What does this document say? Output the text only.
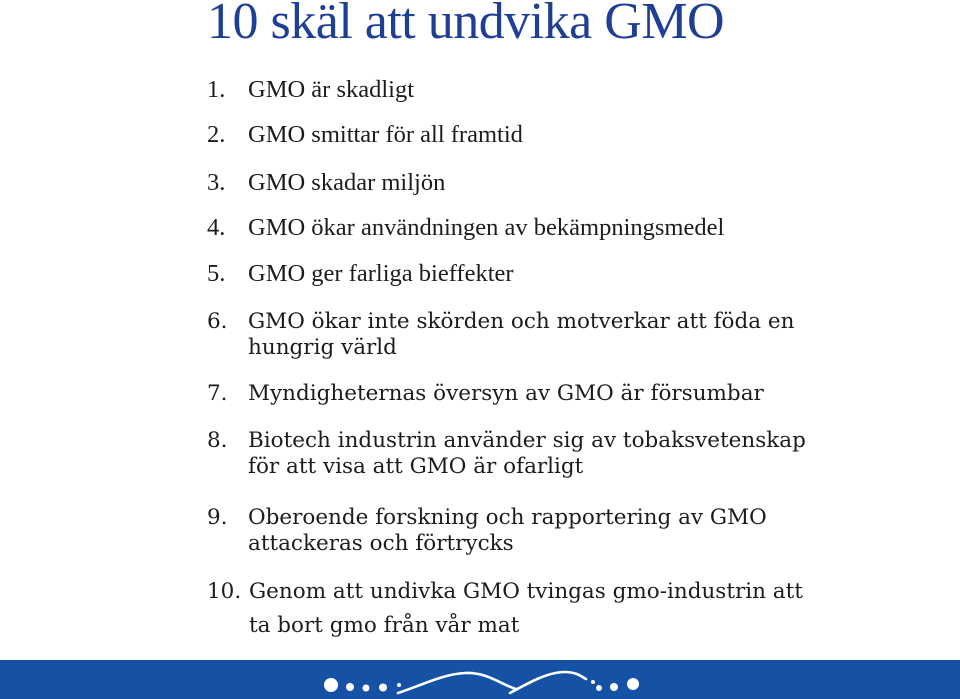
10 skäl att undvika GMO
1. GMO är skadligt
2. GMO smittar för all framtid
3. GMO skadar miljön
4. GMO ökar användningen av bekämpningsmedel
5. GMO ger farliga bieffekter
6. GMO ökar inte skörden och motverkar att föda en
hungrig värld
7. Myndigheternas översyn av GMO är försumbar
8. Biotech industrin använder sig av tobaksvetenskap
för att visa att GMO är ofarligt
9. Oberoende forskning och rapportering av GMO
attackeras och förtrycks
10. Genom att undivka GMO tvingas gmo-industrin att
ta bort gmo från vår mat
